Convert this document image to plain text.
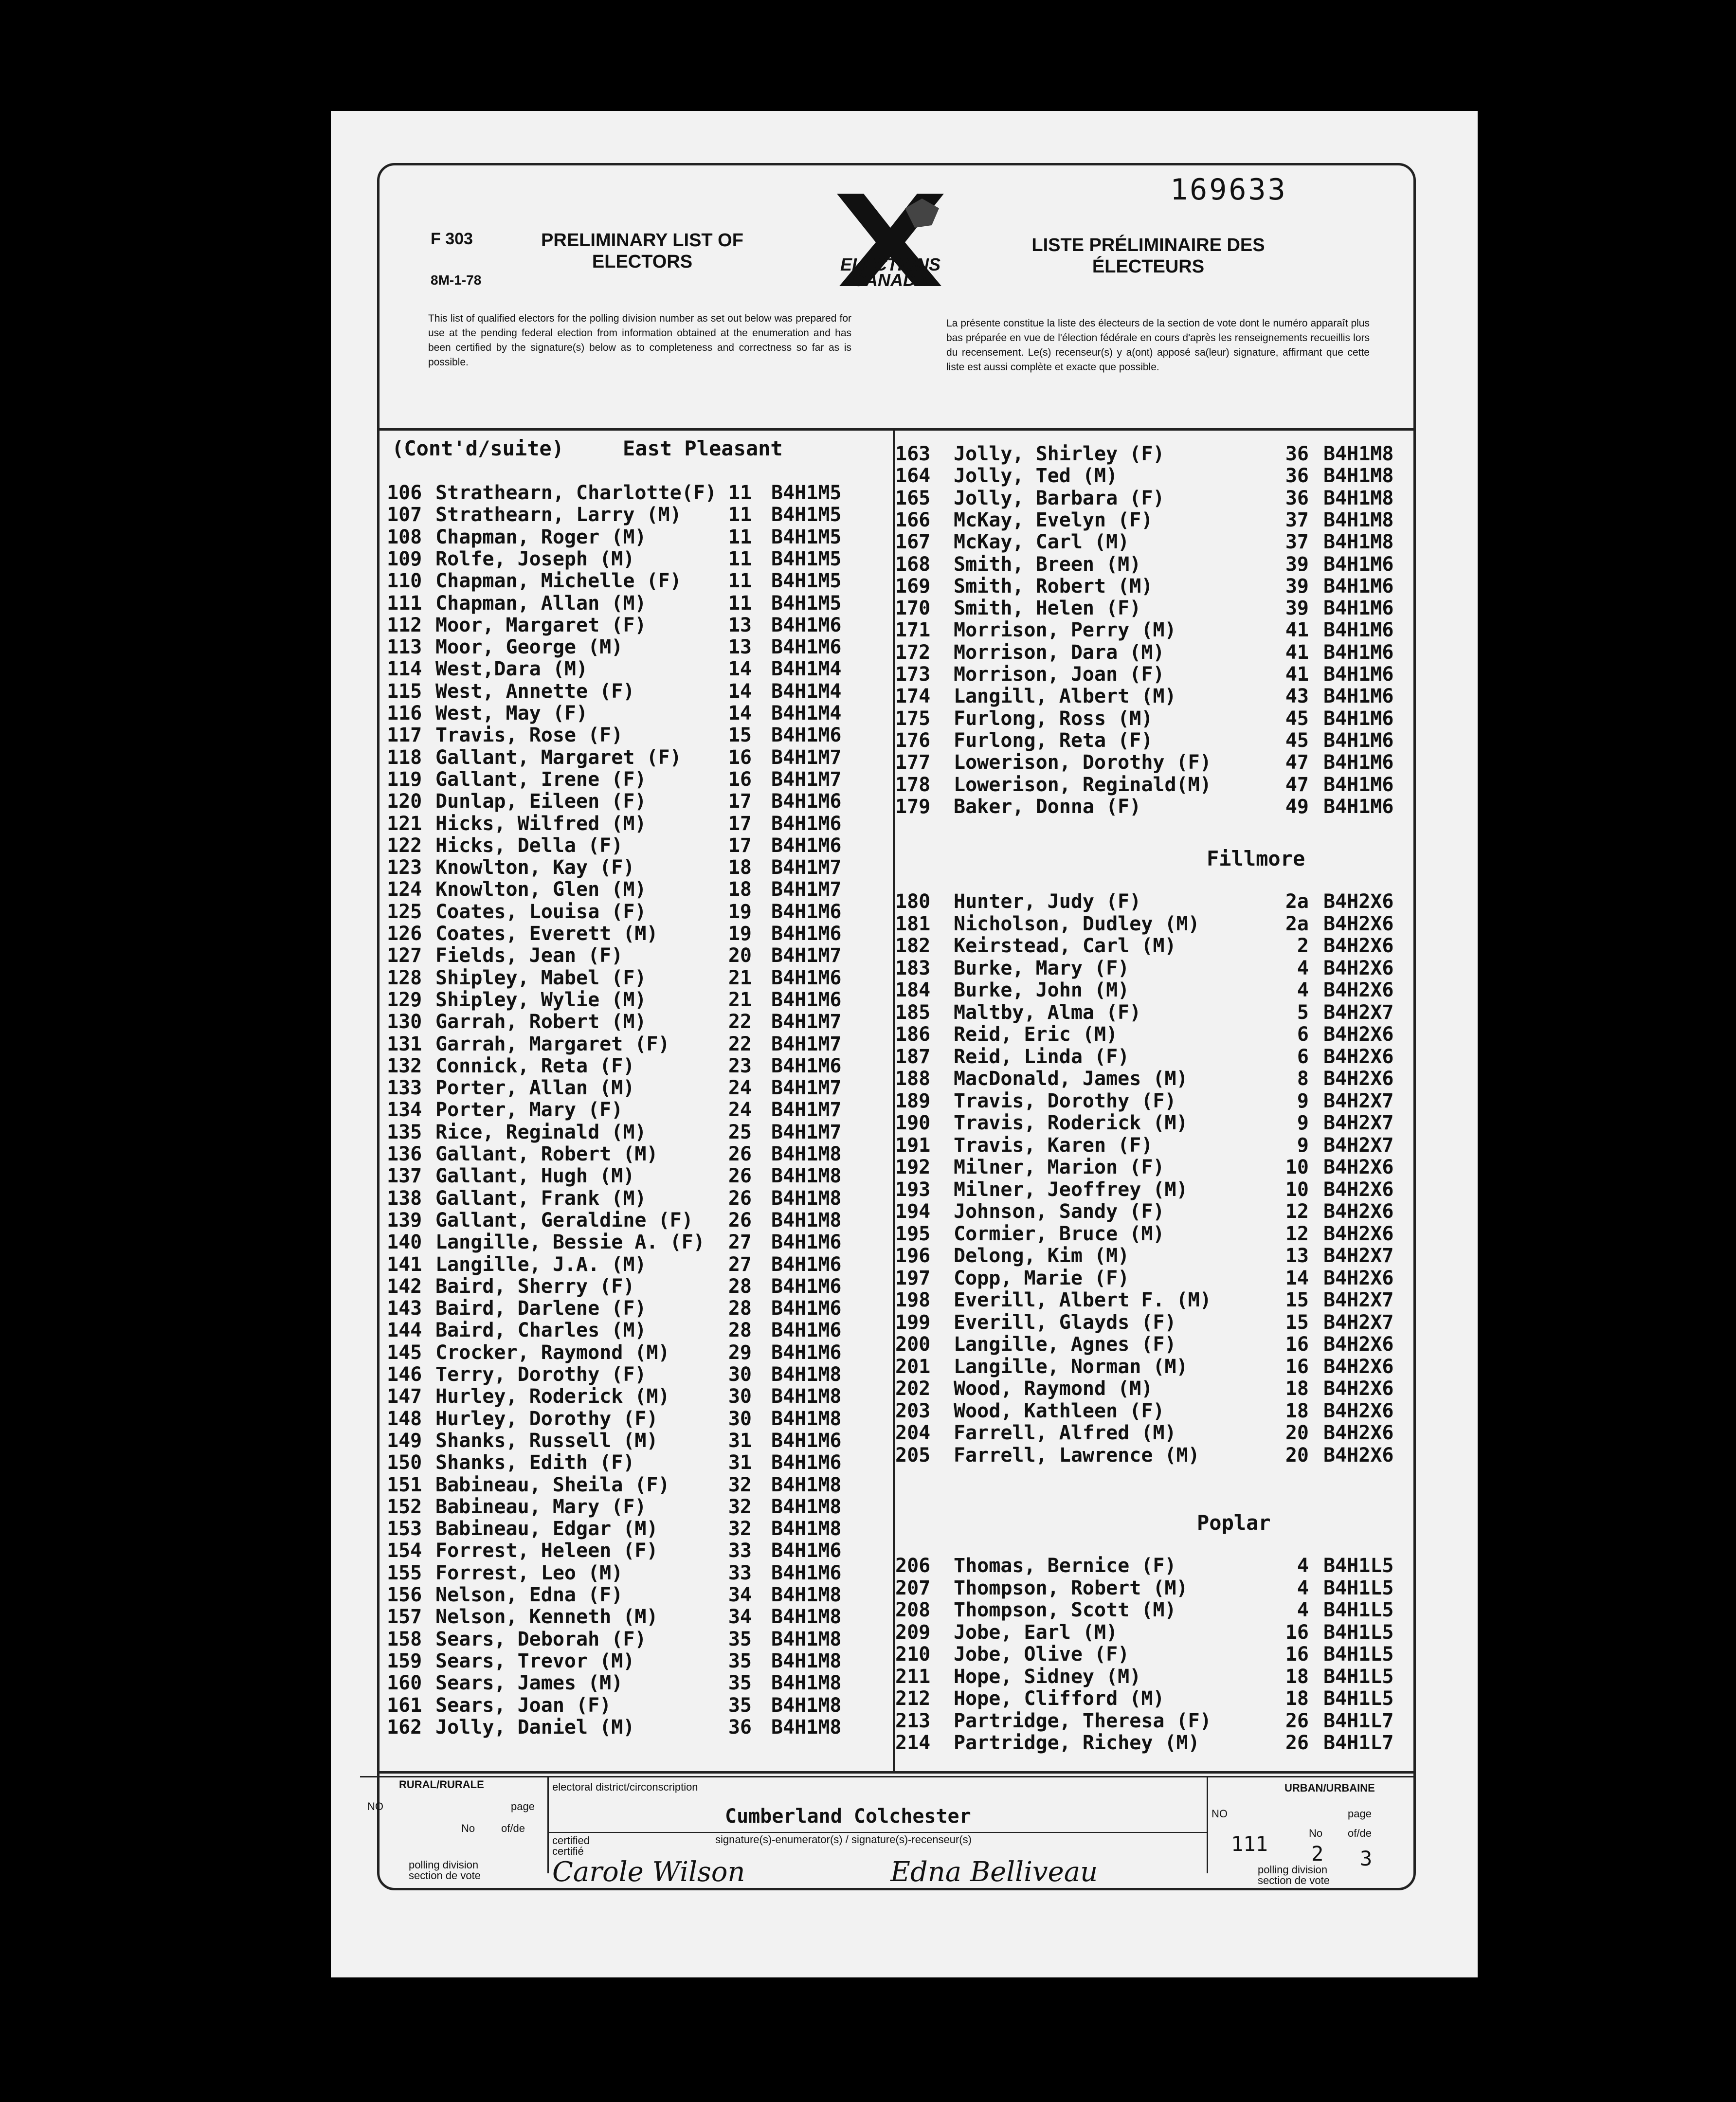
169633
F 303
8M-1-78
PRELIMINARY LIST OF
ELECTORS	ELECTIONS
CANADA
LISTE PRÉLIMINAIRE DES
ÉLECTEURS
This list of qualified electors for the polling division number as set out below was prepared for use at the pending federal election from information obtained at the enumeration and has been certified by the signature(s) below as to completeness and correctness so far as is possible.
La présente constitue la liste des électeurs de la section de vote dont le numéro apparaît plus bas préparée en vue de l'élection fédérale en cours d'après les renseignements recueillis lors du recensement. Le(s) recenseur(s) y a(ont) apposé sa(leur) signature, affirmant que cette liste est aussi complète et exacte que possible.
(Cont'd/suite)	East Pleasant
106 Strathearn, Charlotte(F) 11 B4H1M5
107 Strathearn, Larry (M)	11 B4H1M5
108 Chapman, Roger (M)	11 B4H1M5
109 Rolfe, Joseph (M)	11 B4H1M5
110 Chapman, Michelle (F)	11 B4H1M5
111 Chapman, Allan (M)	11 B4H1M5
112 Moor, Margaret (F)	13 B4H1M6
113 Moor, George (M)	13 B4H1M6
114 West,Dara (M)	14 B4H1M4
115 West, Annette (F)	14 B4H1M4
116 West, May (F)	14 B4H1M4
117 Travis, Rose (F)	15 B4H1M6
118 Gallant, Margaret (F)	16 B4H1M7
119 Gallant, Irene (F)	16 B4H1M7
120 Dunlap, Eileen (F)	17 B4H1M6
121 Hicks, Wilfred (M)	17 B4H1M6
122 Hicks, Della (F)	17 B4H1M6
123 Knowlton, Kay (F)	18 B4H1M7
124 Knowlton, Glen (M)	18 B4H1M7
125 Coates, Louisa (F)	19 B4H1M6
126 Coates, Everett (M)	19 B4H1M6
127 Fields, Jean (F)	20 B4H1M7
128 Shipley, Mabel (F)	21 B4H1M6
129 Shipley, Wylie (M)	21 B4H1M6
130 Garrah, Robert (M)	22 B4H1M7
131 Garrah, Margaret (F)	22 B4H1M7
132 Connick, Reta (F)	23 B4H1M6
133 Porter, Allan (M)	24 B4H1M7
134 Porter, Mary (F)	24 B4H1M7
135 Rice, Reginald (M)	25 B4H1M7
136 Gallant, Robert (M)	26 B4H1M8
137 Gallant, Hugh (M)	26 B4H1M8
138 Gallant, Frank (M)	26 B4H1M8
139 Gallant, Geraldine (F)	26 B4H1M8
140 Langille, Bessie A. (F)	27 B4H1M6
141 Langille, J.A. (M)	27 B4H1M6
142 Baird, Sherry (F)	28 B4H1M6
143 Baird, Darlene (F)	28 B4H1M6
144 Baird, Charles (M)	28 B4H1M6
145 Crocker, Raymond (M)	29 B4H1M6
146 Terry, Dorothy (F)	30 B4H1M8
147 Hurley, Roderick (M)	30 B4H1M8
148 Hurley, Dorothy (F)	30 B4H1M8
149 Shanks, Russell (M)	31 B4H1M6
150 Shanks, Edith (F)	31 B4H1M6
151 Babineau, Sheila (F)	32 B4H1M8
152 Babineau, Mary (F)	32 B4H1M8
153 Babineau, Edgar (M)	32 B4H1M8
154 Forrest, Heleen (F)	33 B4H1M6
155 Forrest, Leo (M)	33 B4H1M6
156 Nelson, Edna (F)	34 B4H1M8
157 Nelson, Kenneth (M)	34 B4H1M8
158 Sears, Deborah (F)	35 B4H1M8
159 Sears, Trevor (M)	35 B4H1M8
160 Sears, James (M)	35 B4H1M8
161 Sears, Joan (F)	35 B4H1M8
162 Jolly, Daniel (M)	36 B4H1M8
Fillmore
Poplar
163 Jolly, Shirley (F)	36 B4H1M8
164 Jolly, Ted (M)	36 B4H1M8
165 Jolly, Barbara (F)	36 B4H1M8
166 McKay, Evelyn (F)	37 B4H1M8
167 McKay, Carl (M)	37 B4H1M8
168 Smith, Breen (M)	39 B4H1M6
169 Smith, Robert (M)	39 B4H1M6
170 Smith, Helen (F)	39 B4H1M6
171 Morrison, Perry (M)	41 B4H1M6
172 Morrison, Dara (M)	41 B4H1M6
173 Morrison, Joan (F)	41 B4H1M6
174 Langill, Albert (M)	43 B4H1M6
175 Furlong, Ross (M)	45 B4H1M6
176 Furlong, Reta (F)	45 B4H1M6
177 Lowerison, Dorothy (F)	47 B4H1M6
178 Lowerison, Reginald(M)	47 B4H1M6
179 Baker, Donna (F)	49 B4H1M6
180 Hunter, Judy (F)	2a B4H2X6
181 Nicholson, Dudley (M)	2a B4H2X6
182 Keirstead, Carl (M)	2 B4H2X6
183 Burke, Mary (F)	4 B4H2X6
184 Burke, John (M)	4 B4H2X6
185 Maltby, Alma (F)	5 B4H2X7
186 Reid, Eric (M)	6 B4H2X6
187 Reid, Linda (F)	6 B4H2X6
188 MacDonald, James (M)	8 B4H2X6
189 Travis, Dorothy (F)	9 B4H2X7
190 Travis, Roderick (M)	9 B4H2X7
191 Travis, Karen (F)	9 B4H2X7
192 Milner, Marion (F)	10 B4H2X6
193 Milner, Jeoffrey (M)	10 B4H2X6
194 Johnson, Sandy (F)	12 B4H2X6
195 Cormier, Bruce (M)	12 B4H2X6
196 Delong, Kim (M)	13 B4H2X7
197 Copp, Marie (F)	14 B4H2X6
198 Everill, Albert F. (M)	15 B4H2X7
199 Everill, Glayds (F)	15 B4H2X7
200 Langille, Agnes (F)	16 B4H2X6
201 Langille, Norman (M)	16 B4H2X6
202 Wood, Raymond (M)	18 B4H2X6
203 Wood, Kathleen (F)	18 B4H2X6
204 Farrell, Alfred (M)	20 B4H2X6
205 Farrell, Lawrence (M)	20 B4H2X6
206 Thomas, Bernice (F)	4 B4H1L5
207 Thompson, Robert (M)	4 B4H1L5
208 Thompson, Scott (M)	4 B4H1L5
209 Jobe, Earl (M)	16 B4H1L5
210 Jobe, Olive (F)	16 B4H1L5
211 Hope, Sidney (M)	18 B4H1L5
212 Hope, Clifford (M)	18 B4H1L5
213 Partridge, Theresa (F)	26 B4H1L7
214 Partridge, Richey (M)	26 B4H1L7
RURAL/RURALE
NO	page
No of/de
polling division
section de vote
electoral district/circonscription
Cumberland Colchester
certified
certifié
signature(s)-enumerator(s) / signature(s)-recenseur(s)
Carole Wilson	Edna Belliveau
URBAN/URBAINE
NO	page
111	No of/de
2 3
polling division
section de vote
